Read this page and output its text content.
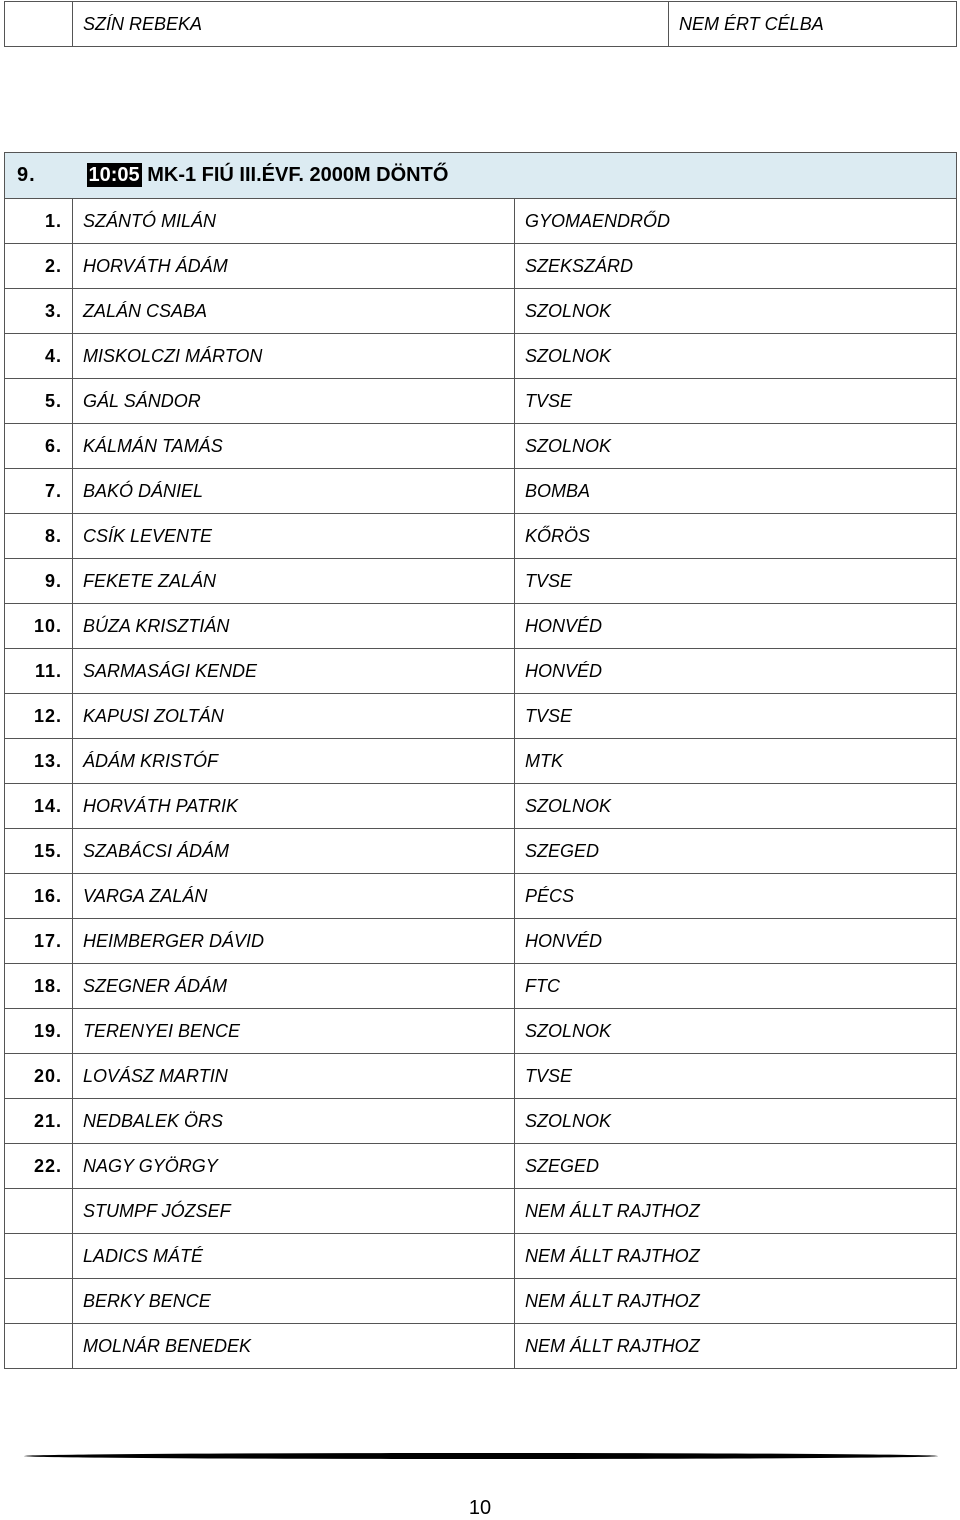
	SZÍN REBEKA	NEM ÉRT CÉLBA
9.	10:05 MK-1 FIÚ III.ÉVF. 2000M DÖNTŐ	
1.	SZÁNTÓ MILÁN	GYOMAENDRŐD
2.	HORVÁTH ÁDÁM	SZEKSZÁRD
3.	ZALÁN CSABA	SZOLNOK
4.	MISKOLCZI MÁRTON	SZOLNOK
5.	GÁL SÁNDOR	TVSE
6.	KÁLMÁN TAMÁS	SZOLNOK
7.	BAKÓ DÁNIEL	BOMBA
8.	CSÍK LEVENTE	KŐRÖS
9.	FEKETE ZALÁN	TVSE
10.	BÚZA KRISZTIÁN	HONVÉD
11.	SARMASÁGI KENDE	HONVÉD
12.	KAPUSI ZOLTÁN	TVSE
13.	ÁDÁM KRISTÓF	MTK
14.	HORVÁTH PATRIK	SZOLNOK
15.	SZABÁCSI ÁDÁM	SZEGED
16.	VARGA ZALÁN	PÉCS
17.	HEIMBERGER DÁVID	HONVÉD
18.	SZEGNER ÁDÁM	FTC
19.	TERENYEI BENCE	SZOLNOK
20.	LOVÁSZ MARTIN	TVSE
21.	NEDBALEK ÖRS	SZOLNOK
22.	NAGY GYÖRGY	SZEGED
	STUMPF JÓZSEF	NEM ÁLLT RAJTHOZ
	LADICS MÁTÉ	NEM ÁLLT RAJTHOZ
	BERKY BENCE	NEM ÁLLT RAJTHOZ
	MOLNÁR BENEDEK	NEM ÁLLT RAJTHOZ
10
